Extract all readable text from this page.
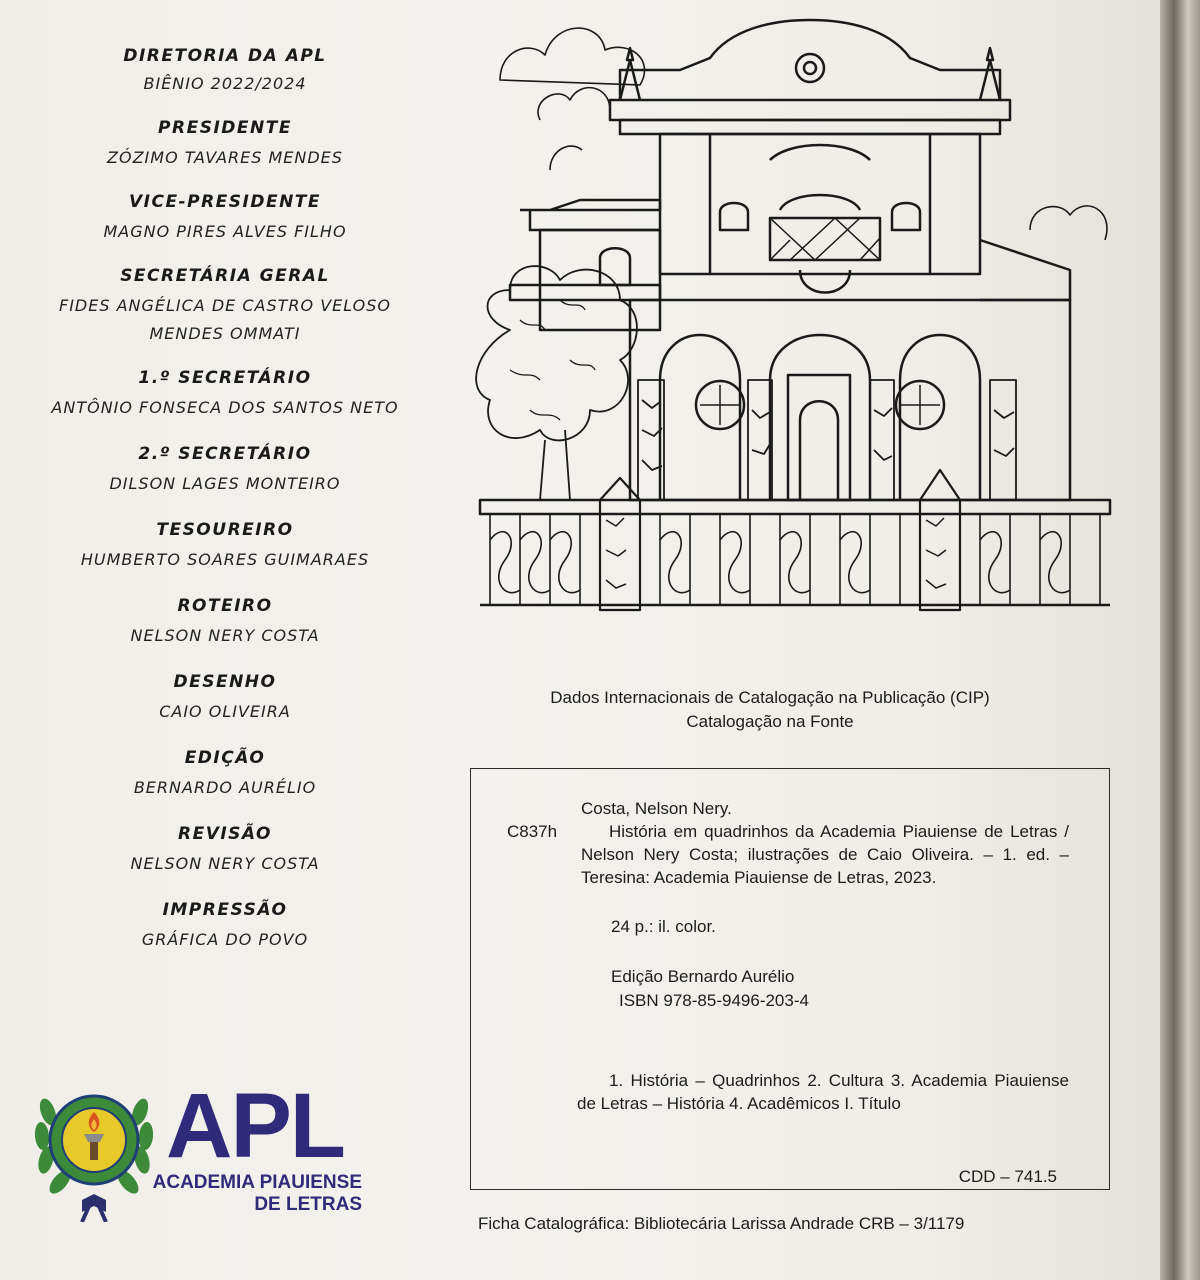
DIRETORIA DA APL

BIÊNIO 2022/2024

PRESIDENTE

ZÓZIMO TAVARES MENDES

VICE-PRESIDENTE

MAGNO PIRES ALVES FILHO

SECRETÁRIA GERAL

FIDES ANGÉLICA DE CASTRO VELOSO

MENDES OMMATI

1.º SECRETÁRIO

ANTÔNIO FONSECA DOS SANTOS NETO

2.º SECRETÁRIO

DILSON LAGES MONTEIRO

TESOUREIRO

HUMBERTO SOARES GUIMARAES

ROTEIRO

NELSON NERY COSTA

DESENHO

CAIO OLIVEIRA

EDIÇÃO

BERNARDO AURÉLIO

REVISÃO

NELSON NERY COSTA

IMPRESSÃO

GRÁFICA DO POVO

APL
ACADEMIA PIAUIENSE
DE LETRAS
Dados Internacionais de Catalogação na Publicação (CIP)
Catalogação na Fonte
Costa, Nelson Nery.
C837h	História em quadrinhos da Academia Piauiense de Letras / Nelson Nery Costa; ilustrações de Caio Oliveira. – 1. ed. – Teresina: Academia Piauiense de Letras, 2023.
24 p.: il. color.
Edição Bernardo Aurélio
ISBN 978-85-9496-203-4
1. História – Quadrinhos 2. Cultura 3. Academia Piauiense de Letras – História 4. Acadêmicos I. Título
CDD – 741.5
Ficha Catalográfica: Bibliotecária Larissa Andrade CRB – 3/1179
